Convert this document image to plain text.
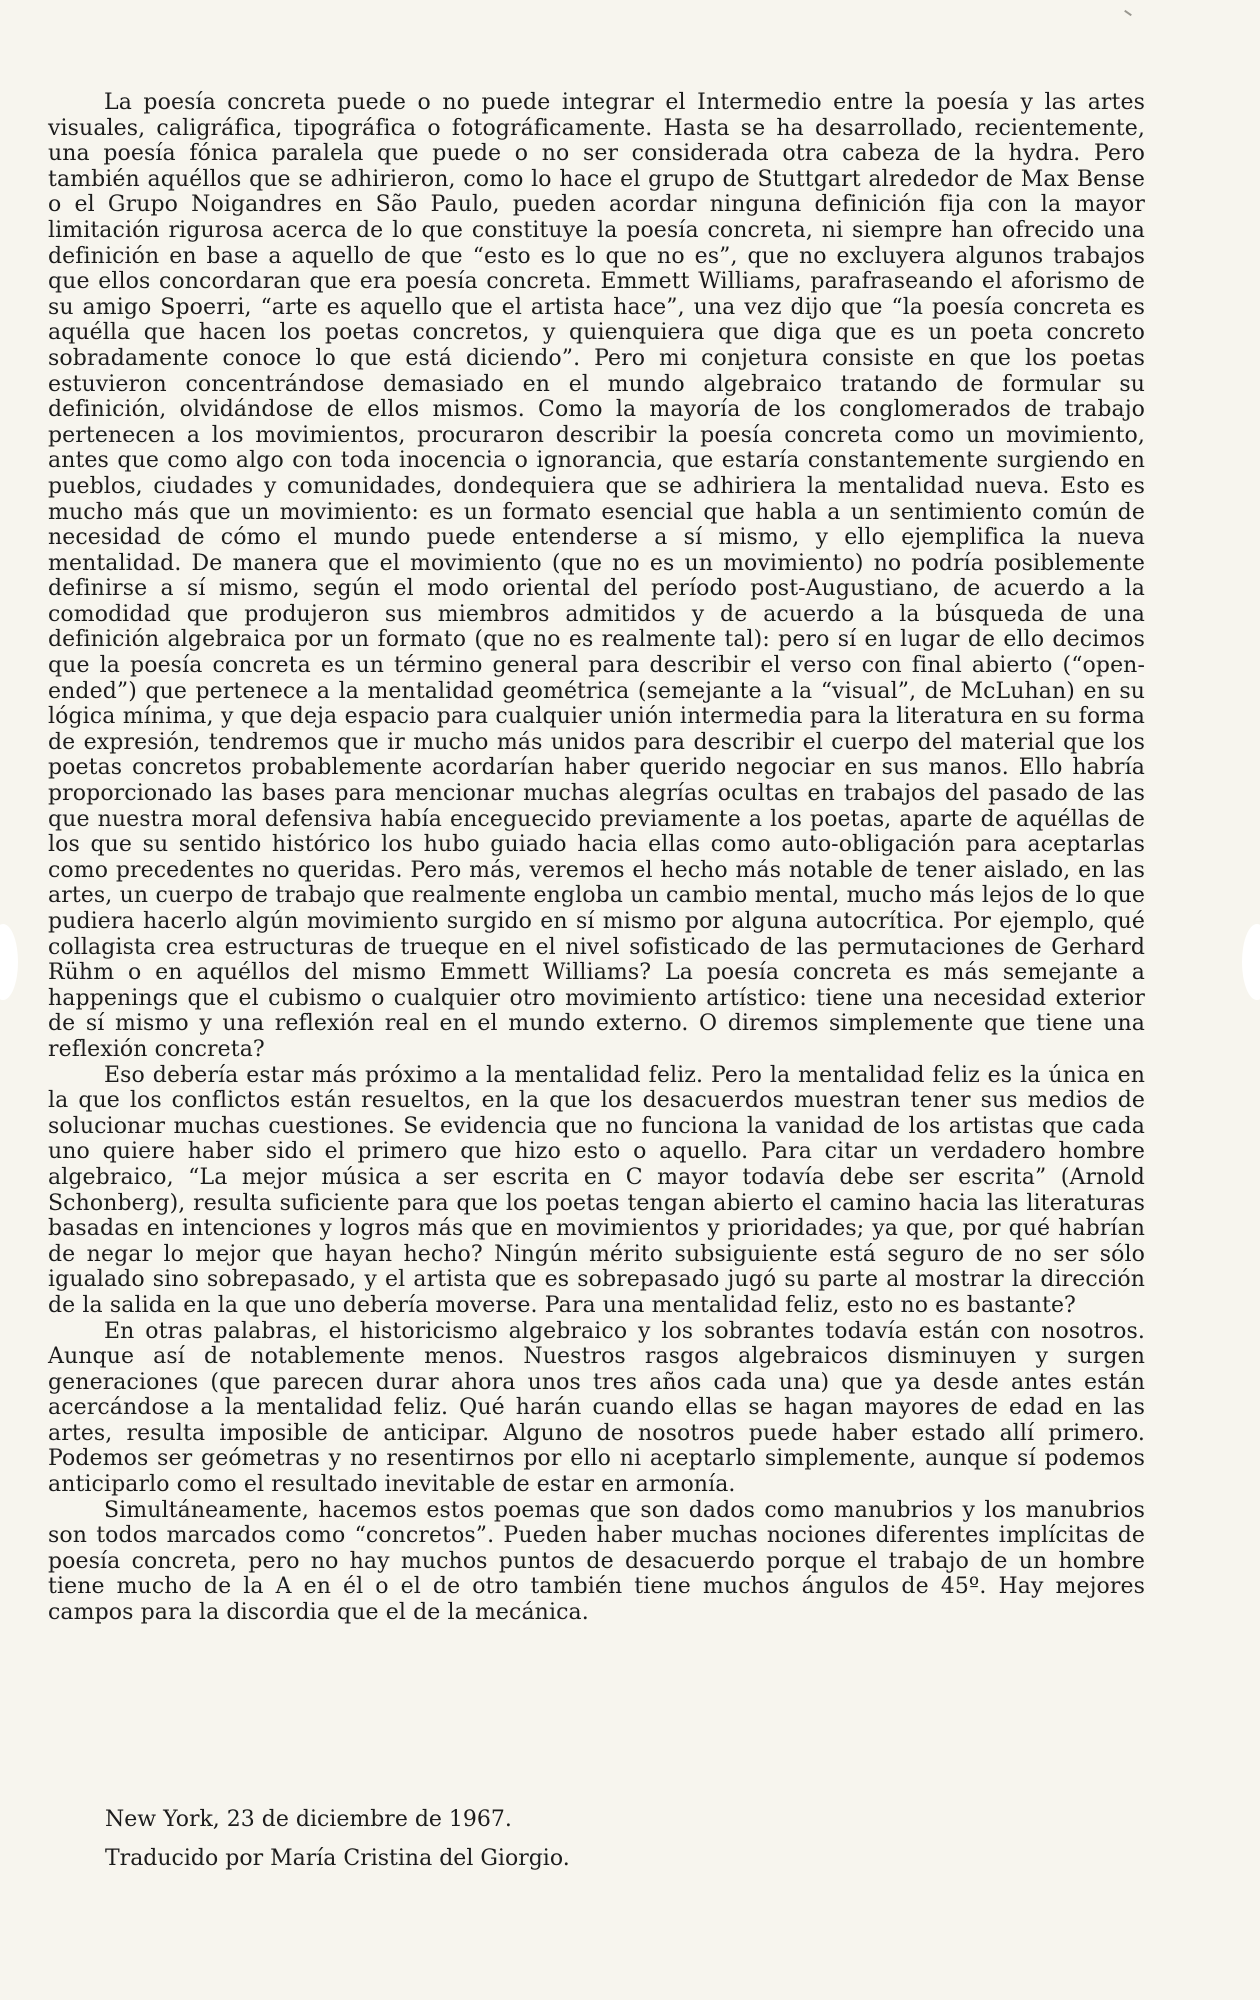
La poesía concreta puede o no puede integrar el Intermedio entre la poesía y las artes visuales, caligráfica, tipográfica o fotográficamente. Hasta se ha desarrollado, recientemente, una poesía fónica paralela que puede o no ser considerada otra cabeza de la hydra. Pero también aquéllos que se adhirieron, como lo hace el grupo de Stuttgart alrededor de Max Bense o el Grupo Noigandres en São Paulo, pueden acordar ninguna definición fija con la mayor limitación rigurosa acerca de lo que constituye la poesía concreta, ni siempre han ofrecido una definición en base a aquello de que “esto es lo que no es”, que no excluyera algunos trabajos que ellos concordaran que era poesía concreta. Emmett Williams, parafraseando el aforismo de su amigo Spoerri, “arte es aquello que el artista hace”, una vez dijo que “la poesía concreta es aquélla que hacen los poetas concretos, y quienquiera que diga que es un poeta concreto sobradamente conoce lo que está diciendo”. Pero mi conjetura consiste en que los poetas estuvieron concentrándose demasiado en el mundo algebraico tratando de formular su definición, olvidándose de ellos mismos. Como la mayoría de los conglomerados de trabajo pertenecen a los movimientos, procuraron describir la poesía concreta como un movimiento, antes que como algo con toda inocencia o ignorancia, que estaría constantemente surgiendo en pueblos, ciudades y comunidades, dondequiera que se adhiriera la mentalidad nueva. Esto es mucho más que un movimiento: es un formato esencial que habla a un sentimiento común de necesidad de cómo el mundo puede entenderse a sí mismo, y ello ejemplifica la nueva mentalidad. De manera que el movimiento (que no es un movimiento) no podría posiblemente definirse a sí mismo, según el modo oriental del período post-Augustiano, de acuerdo a la comodidad que produjeron sus miembros admitidos y de acuerdo a la búsqueda de una definición algebraica por un formato (que no es realmente tal): pero sí en lugar de ello decimos que la poesía concreta es un término general para describir el verso con final abierto (“open-ended”) que pertenece a la mentalidad geométrica (semejante a la “visual”, de McLuhan) en su lógica mínima, y que deja espacio para cualquier unión intermedia para la literatura en su forma de expresión, tendremos que ir mucho más unidos para describir el cuerpo del material que los poetas concretos probablemente acordarían haber querido negociar en sus manos. Ello habría proporcionado las bases para mencionar muchas alegrías ocultas en trabajos del pasado de las que nuestra moral defensiva había enceguecido previamente a los poetas, aparte de aquéllas de los que su sentido histórico los hubo guiado hacia ellas como auto-obligación para aceptarlas como precedentes no queridas. Pero más, veremos el hecho más notable de tener aislado, en las artes, un cuerpo de trabajo que realmente engloba un cambio mental, mucho más lejos de lo que pudiera hacerlo algún movimiento surgido en sí mismo por alguna autocrítica. Por ejemplo, qué collagista crea estructuras de trueque en el nivel sofisticado de las permutaciones de Gerhard Rühm o en aquéllos del mismo Emmett Williams? La poesía concreta es más semejante a happenings que el cubismo o cualquier otro movimiento artístico: tiene una necesidad exterior de sí mismo y una reflexión real en el mundo externo. O diremos simplemente que tiene una reflexión concreta?

Eso debería estar más próximo a la mentalidad feliz. Pero la mentalidad feliz es la única en la que los conflictos están resueltos, en la que los desacuerdos muestran tener sus medios de solucionar muchas cuestiones. Se evidencia que no funciona la vanidad de los artistas que cada uno quiere haber sido el primero que hizo esto o aquello. Para citar un verdadero hombre algebraico, “La mejor música a ser escrita en C mayor todavía debe ser escrita” (Arnold Schonberg), resulta suficiente para que los poetas tengan abierto el camino hacia las literaturas basadas en intenciones y logros más que en movimientos y prioridades; ya que, por qué habrían de negar lo mejor que hayan hecho? Ningún mérito subsiguiente está seguro de no ser sólo igualado sino sobrepasado, y el artista que es sobrepasado jugó su parte al mostrar la dirección de la salida en la que uno debería moverse. Para una mentalidad feliz, esto no es bastante?

En otras palabras, el historicismo algebraico y los sobrantes todavía están con nosotros. Aunque así de notablemente menos. Nuestros rasgos algebraicos disminuyen y surgen generaciones (que parecen durar ahora unos tres años cada una) que ya desde antes están acercándose a la mentalidad feliz. Qué harán cuando ellas se hagan mayores de edad en las artes, resulta imposible de anticipar. Alguno de nosotros puede haber estado allí primero. Podemos ser geómetras y no resentirnos por ello ni aceptarlo simplemente, aunque sí podemos anticiparlo como el resultado inevitable de estar en armonía.

Simultáneamente, hacemos estos poemas que son dados como manubrios y los manubrios son todos marcados como “concretos”. Pueden haber muchas nociones diferentes implícitas de poesía concreta, pero no hay muchos puntos de desacuerdo porque el trabajo de un hombre tiene mucho de la A en él o el de otro también tiene muchos ángulos de 45º. Hay mejores campos para la discordia que el de la mecánica.

New York, 23 de diciembre de 1967.
Traducido por María Cristina del Giorgio.
